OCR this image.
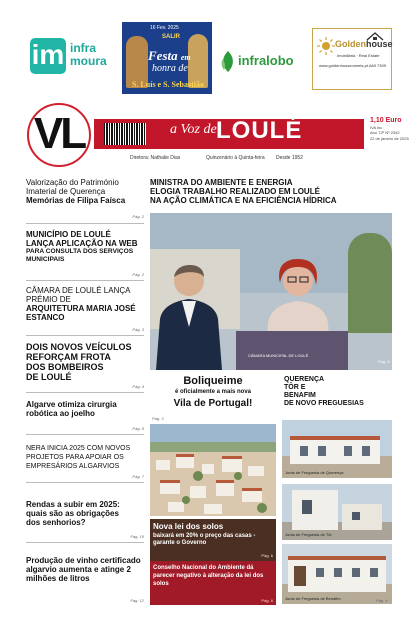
im infra
moura
16 Fev. 2025
SALIR
Festa em
honra de
S. Luís e S. Sebastião
infralobo
Goldenhouse
Imobiliária · Real Estate
www.goldenhouseonnets.pt AMI 7399
VL	a Voz de LOULÉ	1,10 Euro
IVA inc.
Ano 72º Nº 2342
22 de janeiro de 2025
Diretora: Nathalie Dias	Quinzenário à Quinta-feira Desde 1952
Valorização do Património
Imaterial de Querença
Memórias de Filipa Faísca
Pág. 2
MUNICÍPIO DE LOULÉ
LANÇA APLICAÇÃO NA WEB
PARA CONSULTA DOS SERVIÇOS MUNICIPAIS
Pág. 2
CÂMARA DE LOULÉ LANÇA
PRÉMIO DE
ARQUITETURA MARIA JOSÉ ESTANCO
Pág. 3
DOIS NOVOS VEÍCULOS
REFORÇAM FROTA
DOS BOMBEIROS
DE LOULÉ
Pág. 4
Algarve otimiza cirurgia
robótica ao joelho
Pág. 5
NERA INICIA 2025 COM NOVOS
PROJETOS PARA APOIAR OS
EMPRESÁRIOS ALGARVIOS
Pág. 7
Rendas a subir em 2025:
quais são as obrigações
dos senhorios?
Pág. 10
Produção de vinho certificado
algarvio aumenta e atinge 2
milhões de litros
Pág. 12
MINISTRA DO AMBIENTE E ENERGIA
ELOGIA TRABALHO REALIZADO EM LOULÉ
NA AÇÃO CLIMÁTICA E NA EFICIÊNCIA HÍDRICA
CÂMARA MUNICIPAL DE LOULÉ
Pág. 8
Boliqueime
é oficialmente a mais nova
Vila de Portugal!
Pág. 3
Nova lei dos solos
baixará em 20% o preço das casas - garante o Governo
Pág. 6
Conselho Nacional do Ambiente dá parecer negativo à alteração da lei dos solos
Pág. 6
QUERENÇA
TÔR E
BENAFIM
DE NOVO FREGUESIAS
Junta de Freguesia de Querença
Junta de Freguesia de Tôr
Junta de Freguesia de Benafim	Pág. 4
